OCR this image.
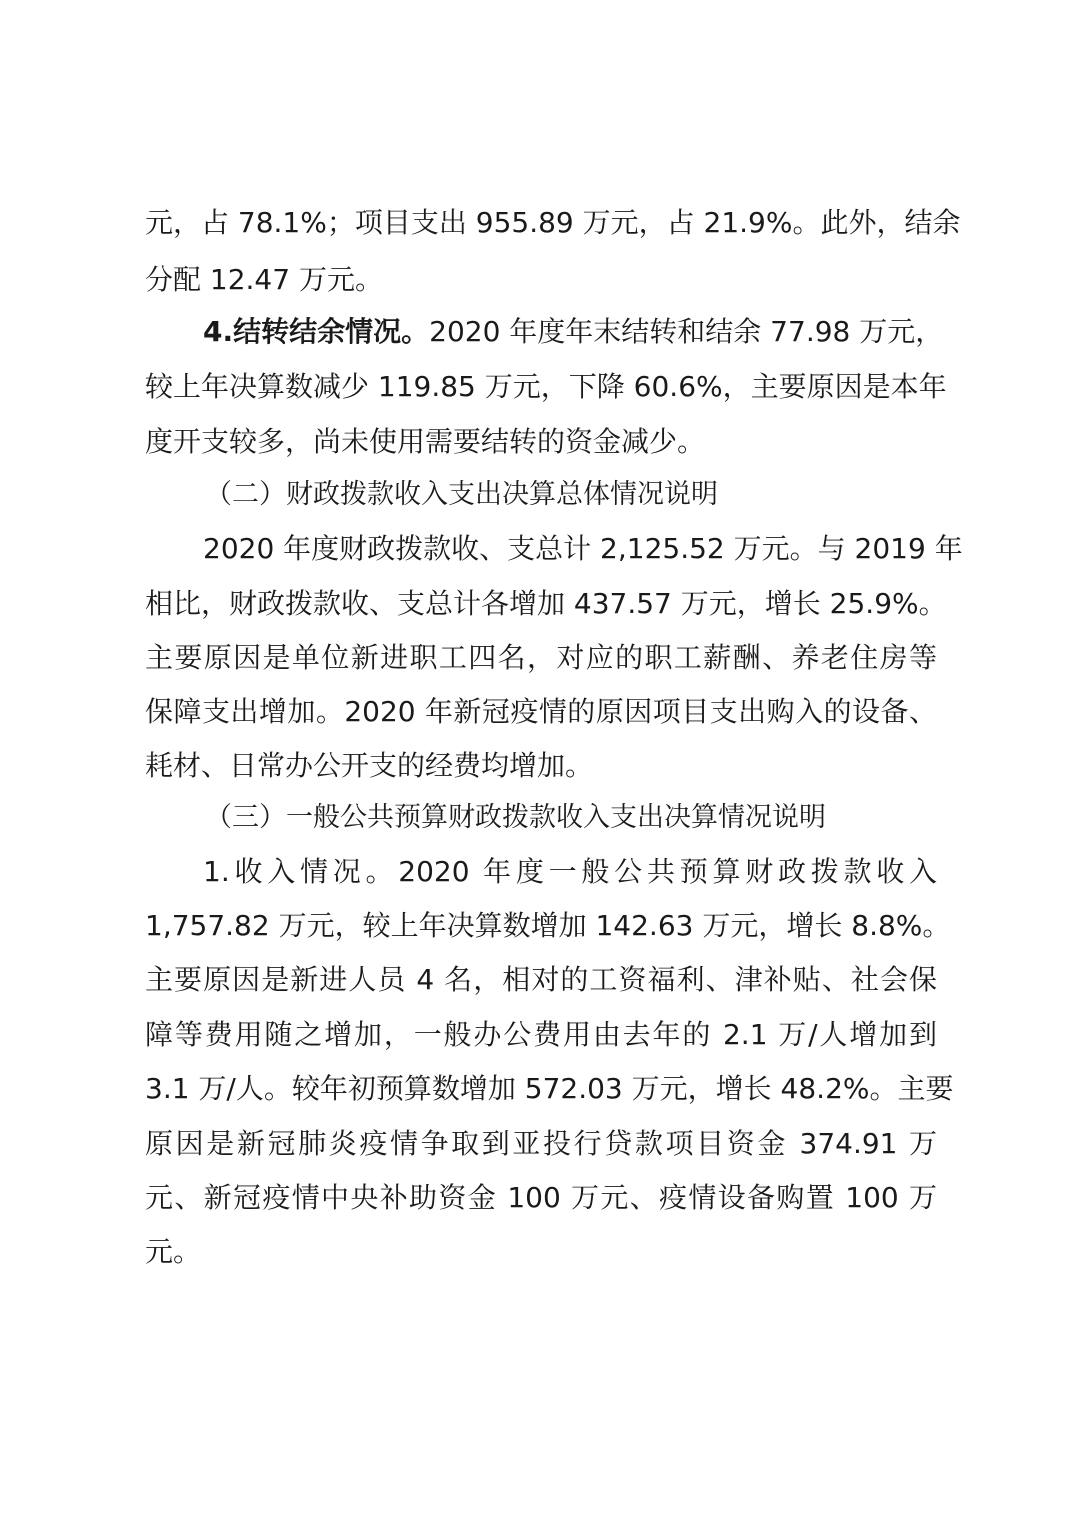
元，占 78.1%；项目支出 955.89 万元，占 21.9%。此外，结余
分配 12.47 万元。
4.结转结余情况。2020 年度年末结转和结余 77.98 万元，
较上年决算数减少 119.85 万元，下降 60.6%，主要原因是本年
度开支较多，尚未使用需要结转的资金减少。
（二）财政拨款收入支出决算总体情况说明
2020 年度财政拨款收、支总计 2,125.52 万元。与 2019 年
相比，财政拨款收、支总计各增加 437.57 万元，增长 25.9%。
主要原因是单位新进职工四名，对应的职工薪酬、养老住房等
保障支出增加。2020 年新冠疫情的原因项目支出购入的设备、
耗材、日常办公开支的经费均增加。
（三）一般公共预算财政拨款收入支出决算情况说明
1.收入情况。2020 年度一般公共预算财政拨款收入
1,757.82 万元，较上年决算数增加 142.63 万元，增长 8.8%。
主要原因是新进人员 4 名，相对的工资福利、津补贴、社会保
障等费用随之增加，一般办公费用由去年的 2.1 万/人增加到
3.1 万/人。较年初预算数增加 572.03 万元，增长 48.2%。主要
原因是新冠肺炎疫情争取到亚投行贷款项目资金 374.91 万
元、新冠疫情中央补助资金 100 万元、疫情设备购置 100 万
元。
